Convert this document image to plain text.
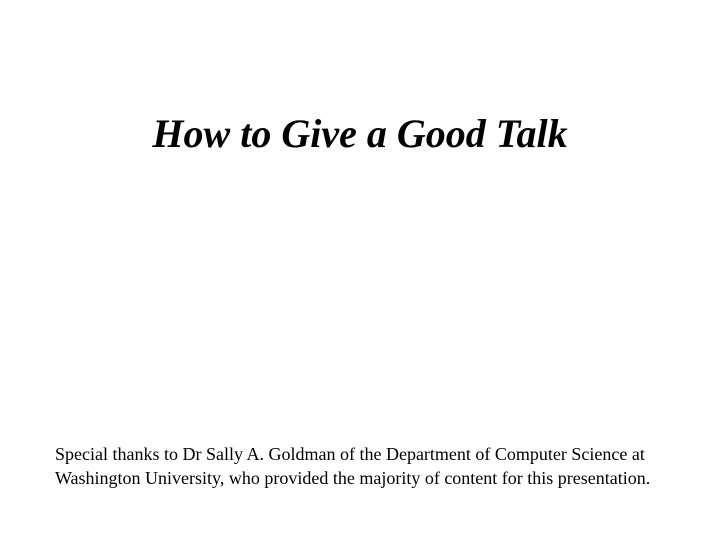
How to Give a Good Talk

Special thanks to Dr Sally A. Goldman of the Department of Computer Science at Washington University, who provided the majority of content for this presentation.
